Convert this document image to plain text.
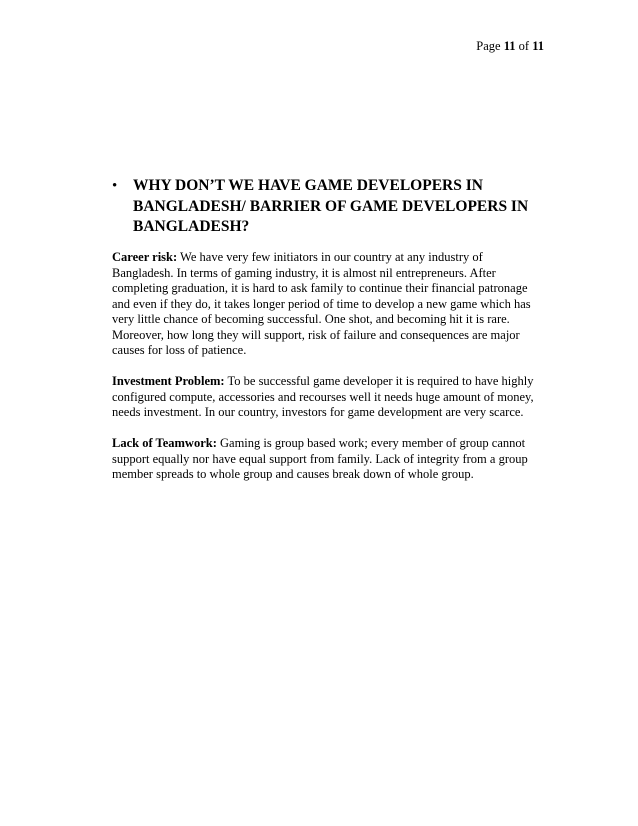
Page 11 of 11
•	WHY DON’T WE HAVE GAME DEVELOPERS IN
BANGLADESH/ BARRIER OF GAME DEVELOPERS IN
BANGLADESH?

Career risk: We have very few initiators in our country at any industry of
Bangladesh. In terms of gaming industry, it is almost nil entrepreneurs. After
completing graduation, it is hard to ask family to continue their financial patronage
and even if they do, it takes longer period of time to develop a new game which has
very little chance of becoming successful. One shot, and becoming hit it is rare.
Moreover, how long they will support, risk of failure and consequences are major
causes for loss of patience.

Investment Problem: To be successful game developer it is required to have highly
configured compute, accessories and recourses well it needs huge amount of money,
needs investment. In our country, investors for game development are very scarce.

Lack of Teamwork: Gaming is group based work; every member of group cannot
support equally nor have equal support from family. Lack of integrity from a group
member spreads to whole group and causes break down of whole group.
